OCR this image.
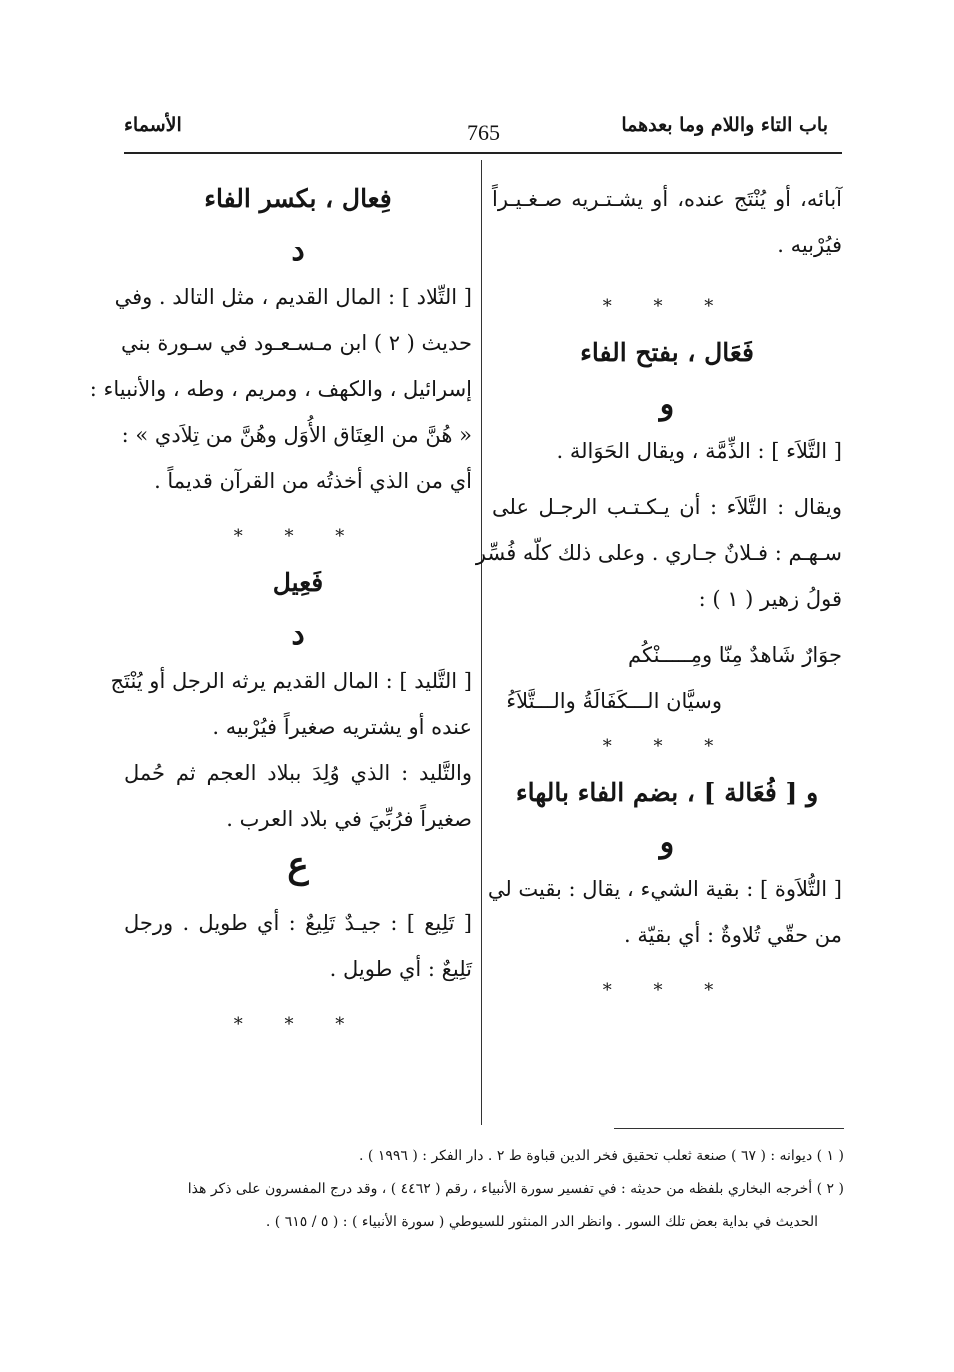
باب التاء واللام وما بعدهما
765
الأسماء
آبائه، أو يُنْتَج عنده، أو يشـتـريه صـغـيـراً
فيُرْبيه .
* * *
فَعَال ، بفتح الفاء
و
[ التَّلاَء ] : الذِّمَّة ، ويقال الحَوَالة .
ويقال : التَّلاَء : أن يـكـتـب الرجـل على
سـهـم : فـلانٌ جـاري . وعلى ذلك كلّه فُسِّر
قولُ زهير ( ١ ) :
جوَارٌ شَاهدٌ مِنّا ومِـــــنْكُم
وسيَّان الـــكَفَالَةُ والـــتَّلاَءُ
* * *
و [ فُعَالة ] ، بضم الفاء بالهاء
و
[ التُّلاَوة ] : بقية الشيء ، يقال : بقيت لي
من حقّي تُلاوةٌ : أي بقيّة .
* * *
فِعال ، بكسر الفاء
د
[ التِّلاد ] : المال القديم ، مثل التالد . وفي
حديث ( ٢ ) ابن مـسـعـود في سـورة بني
إسرائيل ، والكهف ، ومريم ، وطه ، والأنبياء :
« هُنَّ من العِتَاق الأُوَل وهُنَّ من تِلاَدي » :
أي من الذي أخذتُه من القرآن قديماً .
* * *
فَعِيل
د
[ التَّليد ] : المال القديم يرثه الرجل أو يُنْتَج
عنده أو يشتريه صغيراً فيُرْبيه .
والتَّليد : الذي وُلِدَ ببلاد العجم ثم حُمل
صغيراً فرُبِّيَ في بلاد العرب .
ع
[ تَلِيع ] : جيـدٌ تَلِيعٌ : أي طويل . ورجل
تَلِيعٌ : أي طويل .
* * *
( ١ ) ديوانه : ( ٦٧ ) صنعة ثعلب تحقيق فخر الدين قباوة ط ٢ . دار الفكر : ( ١٩٩٦ ) .
( ٢ ) أخرجه البخاري بلفظه من حديثه : في تفسير سورة الأنبياء ، رقم ( ٤٤٦٢ ) ، وقد درج المفسرون على ذكر هذا
الحديث في بداية بعض تلك السور . وانظر الدر المنثور للسيوطي ( سورة الأنبياء ) : ( ٥ / ٦١٥ ) .
